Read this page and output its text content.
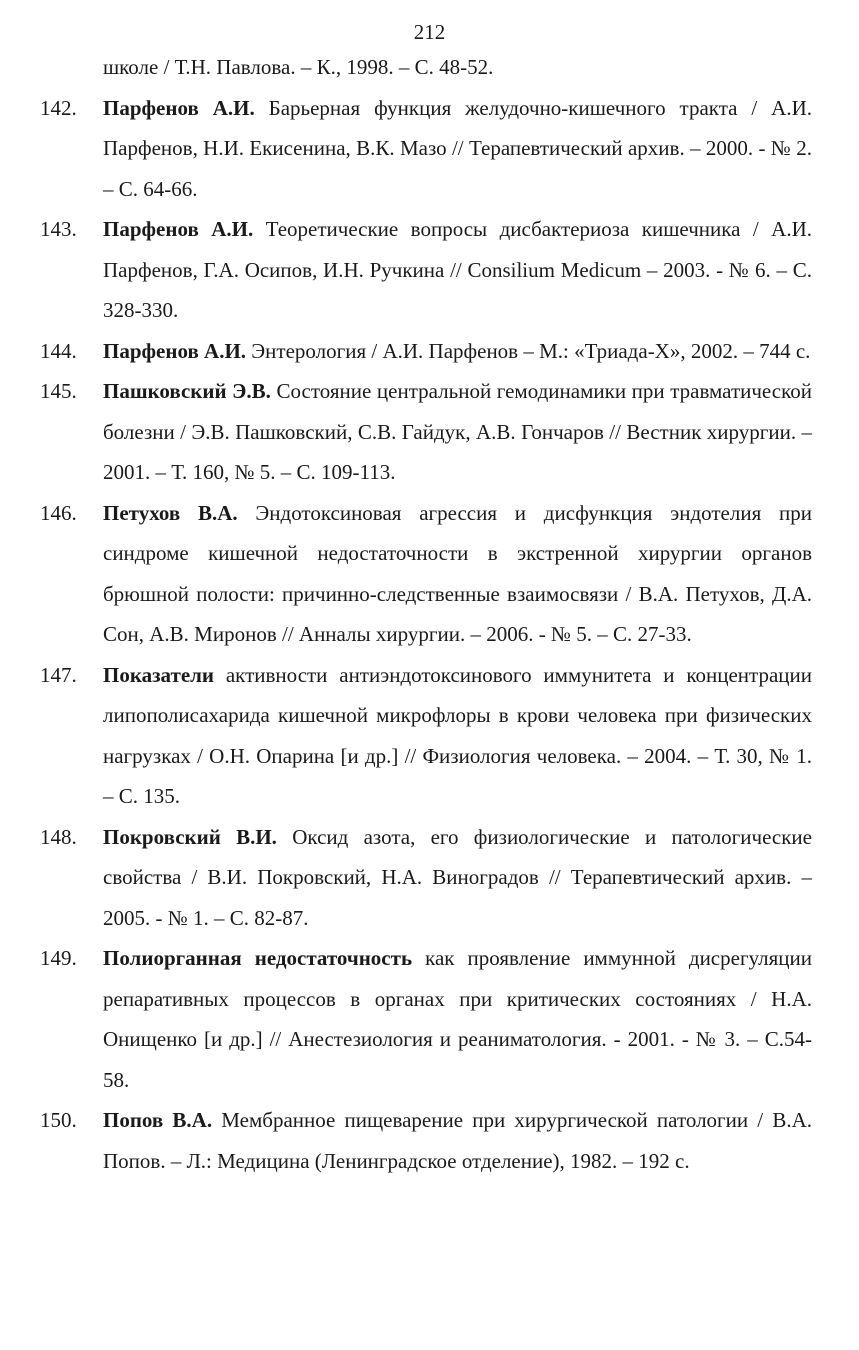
212
школе / Т.Н. Павлова. – К., 1998. – С. 48-52.
142. Парфенов А.И. Барьерная функция желудочно-кишечного тракта / А.И. Парфенов, Н.И. Екисенина, В.К. Мазо // Терапевтический архив. – 2000. - № 2. – С. 64-66.
143. Парфенов А.И. Теоретические вопросы дисбактериоза кишечника / А.И. Парфенов, Г.А. Осипов, И.Н. Ручкина // Consilium Medicum – 2003. - № 6. – С. 328-330.
144. Парфенов А.И. Энтерология / А.И. Парфенов – М.: «Триада-Х», 2002. – 744 с.
145. Пашковский Э.В. Состояние центральной гемодинамики при травматической болезни / Э.В. Пашковский, С.В. Гайдук, А.В. Гончаров // Вестник хирургии. – 2001. – Т. 160, № 5. – С. 109-113.
146. Петухов В.А. Эндотоксиновая агрессия и дисфункция эндотелия при синдроме кишечной недостаточности в экстренной хирургии органов брюшной полости: причинно-следственные взаимосвязи / В.А. Петухов, Д.А. Сон, А.В. Миронов // Анналы хирургии. – 2006. - № 5. – С. 27-33.
147. Показатели активности антиэндотоксинового иммунитета и концентрации липополисахарида кишечной микрофлоры в крови человека при физических нагрузках / О.Н. Опарина [и др.] // Физиология человека. – 2004. – Т. 30, № 1. – С. 135.
148. Покровский В.И. Оксид азота, его физиологические и патологические свойства / В.И. Покровский, Н.А. Виноградов // Терапевтический архив. – 2005. - № 1. – С. 82-87.
149. Полиорганная недостаточность как проявление иммунной дисрегуляции репаративных процессов в органах при критических состояниях / Н.А. Онищенко [и др.] // Анестезиология и реаниматология. - 2001. - № 3. – С.54-58.
150. Попов В.А. Мембранное пищеварение при хирургической патологии / В.А. Попов. – Л.: Медицина (Ленинградское отделение), 1982. – 192 с.
